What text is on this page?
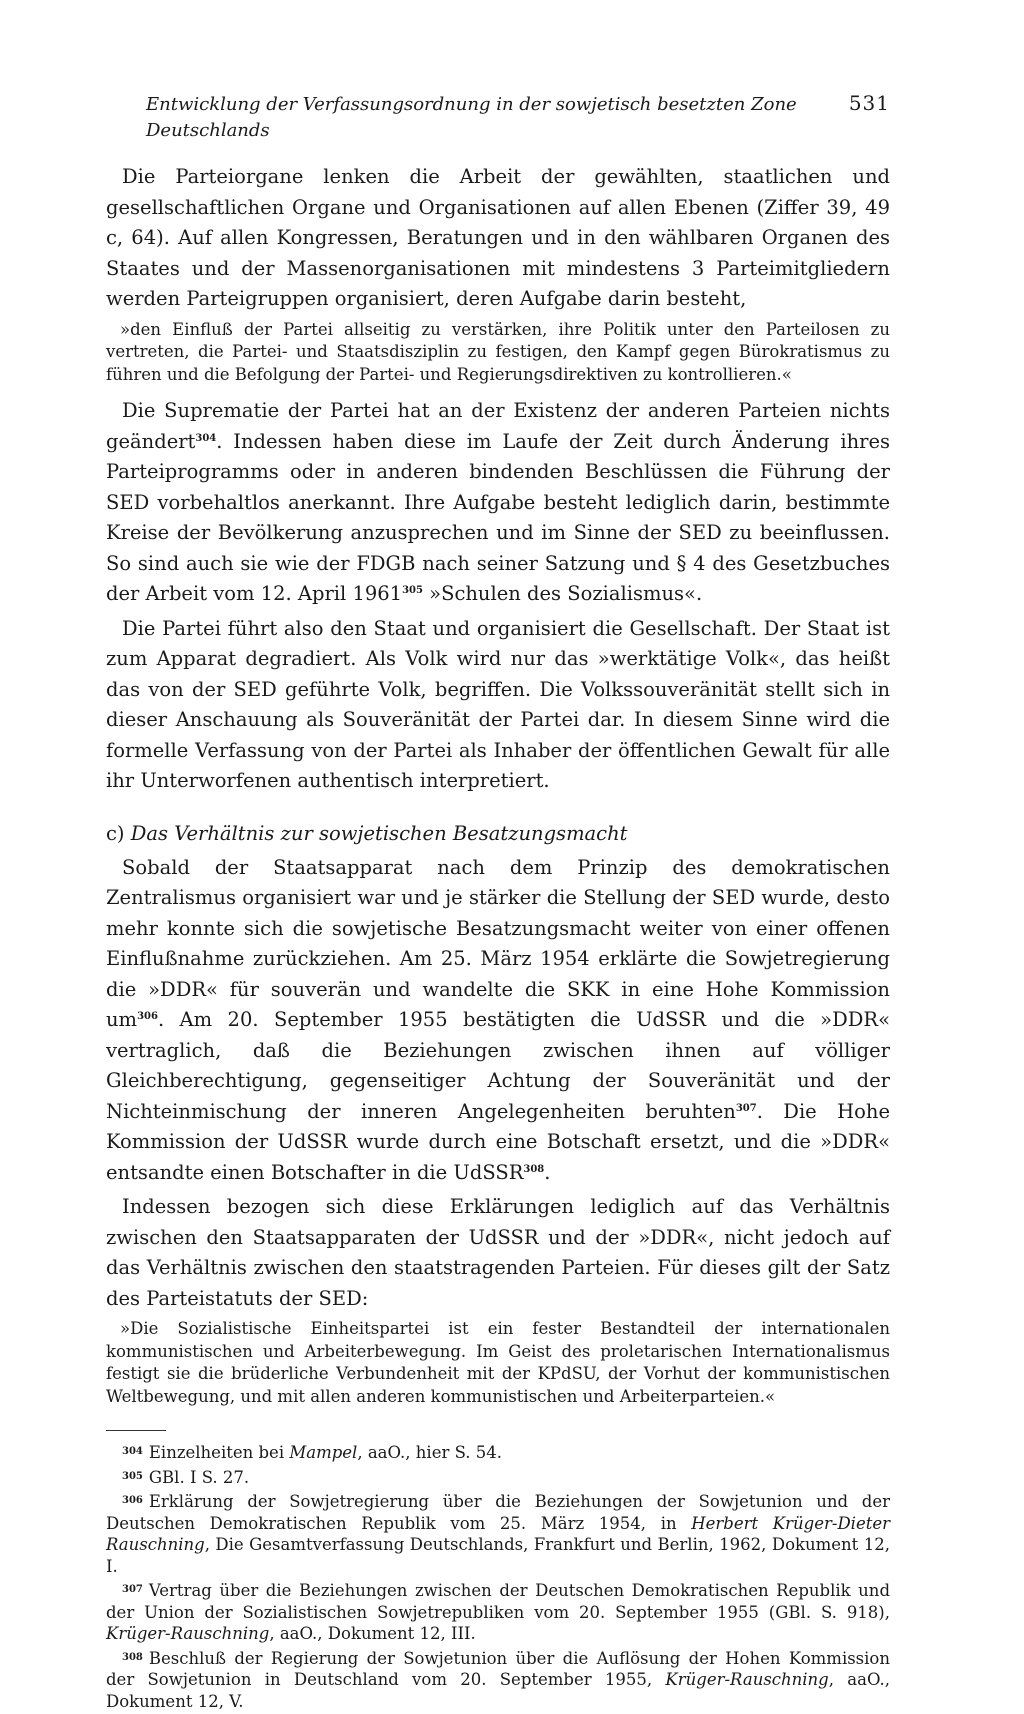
Entwicklung der Verfassungsordnung in der sowjetisch besetzten Zone Deutschlands
531

Die Parteiorgane lenken die Arbeit der gewählten, staatlichen und gesellschaftlichen Organe und Organisationen auf allen Ebenen (Ziffer 39, 49 c, 64). Auf allen Kongressen, Beratungen und in den wählbaren Organen des Staates und der Massenorganisationen mit mindestens 3 Parteimitgliedern werden Parteigruppen organisiert, deren Aufgabe darin besteht,

»den Einfluß der Partei allseitig zu verstärken, ihre Politik unter den Parteilosen zu vertreten, die Partei- und Staatsdisziplin zu festigen, den Kampf gegen Bürokratismus zu führen und die Befolgung der Partei- und Regierungsdirektiven zu kontrollieren.«

Die Suprematie der Partei hat an der Existenz der anderen Parteien nichts geändert$^{304}$. Indessen haben diese im Laufe der Zeit durch Änderung ihres Parteiprogramms oder in anderen bindenden Beschlüssen die Führung der SED vorbehaltlos anerkannt. Ihre Aufgabe besteht lediglich darin, bestimmte Kreise der Bevölkerung anzusprechen und im Sinne der SED zu beeinflussen. So sind auch sie wie der FDGB nach seiner Satzung und § 4 des Gesetzbuches der Arbeit vom 12. April 1961$^{305}$ »Schulen des Sozialismus«.

Die Partei führt also den Staat und organisiert die Gesellschaft. Der Staat ist zum Apparat degradiert. Als Volk wird nur das »werktätige Volk«, das heißt das von der SED geführte Volk, begriffen. Die Volkssouveränität stellt sich in dieser Anschauung als Souveränität der Partei dar. In diesem Sinne wird die formelle Verfassung von der Partei als Inhaber der öffentlichen Gewalt für alle ihr Unterworfenen authentisch interpretiert.

c) Das Verhältnis zur sowjetischen Besatzungsmacht

Sobald der Staatsapparat nach dem Prinzip des demokratischen Zentralismus organisiert war und je stärker die Stellung der SED wurde, desto mehr konnte sich die sowjetische Besatzungsmacht weiter von einer offenen Einflußnahme zurückziehen. Am 25. März 1954 erklärte die Sowjetregierung die »DDR« für souverän und wandelte die SKK in eine Hohe Kommission um$^{306}$. Am 20. September 1955 bestätigten die UdSSR und die »DDR« vertraglich, daß die Beziehungen zwischen ihnen auf völliger Gleichberechtigung, gegenseitiger Achtung der Souveränität und der Nichteinmischung der inneren Angelegenheiten beruhten$^{307}$. Die Hohe Kommission der UdSSR wurde durch eine Botschaft ersetzt, und die »DDR« entsandte einen Botschafter in die UdSSR$^{308}$.

Indessen bezogen sich diese Erklärungen lediglich auf das Verhältnis zwischen den Staatsapparaten der UdSSR und der »DDR«, nicht jedoch auf das Verhältnis zwischen den staatstragenden Parteien. Für dieses gilt der Satz des Parteistatuts der SED:

»Die Sozialistische Einheitspartei ist ein fester Bestandteil der internationalen kommunistischen und Arbeiterbewegung. Im Geist des proletarischen Internationalismus festigt sie die brüderliche Verbundenheit mit der KPdSU, der Vorhut der kommunistischen Weltbewegung, und mit allen anderen kommunistischen und Arbeiterparteien.«
$^{304}$ Einzelheiten bei Mampel, aaO., hier S. 54.
$^{305}$ GBl. I S. 27.
$^{306}$ Erklärung der Sowjetregierung über die Beziehungen der Sowjetunion und der Deutschen Demokratischen Republik vom 25. März 1954, in Herbert Krüger-Dieter Rauschning, Die Gesamtverfassung Deutschlands, Frankfurt und Berlin, 1962, Dokument 12, I.
$^{307}$ Vertrag über die Beziehungen zwischen der Deutschen Demokratischen Republik und der Union der Sozialistischen Sowjetrepubliken vom 20. September 1955 (GBl. S. 918), Krüger-Rauschning, aaO., Dokument 12, III.
$^{308}$ Beschluß der Regierung der Sowjetunion über die Auflösung der Hohen Kommission der Sowjetunion in Deutschland vom 20. September 1955, Krüger-Rauschning, aaO., Dokument 12, V.
